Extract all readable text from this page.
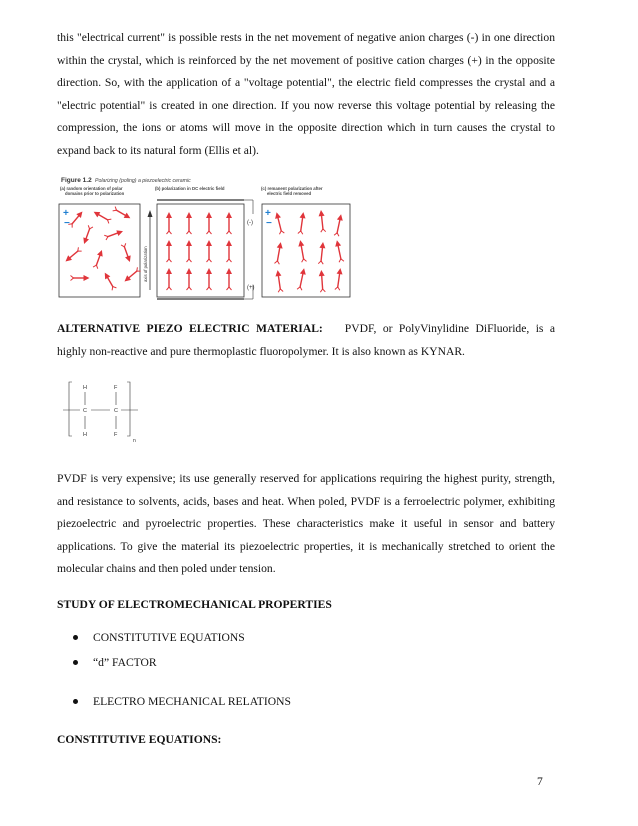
this "electrical current" is possible rests in the net movement of negative anion charges (-) in one direction within the crystal, which is reinforced by the net movement of positive cation charges (+) in the opposite direction. So, with the application of a "voltage potential", the electric field compresses the crystal and a "electric potential" is created in one direction. If you now reverse this voltage potential by releasing the compression, the ions or atoms will move in the opposite direction which in turn causes the crystal to expand back to its natural form (Ellis et al).
Figure 1.2 Polarizing (poling) a piezoelectric ceramic
(a) random orientation of polar domains prior to polarization
(b) polarization in DC electric field	(c) remanent polarization after electric field removed
(-)
(+)
axis of polarization
+
−
+
−
ALTERNATIVE PIEZO ELECTRIC MATERIAL: PVDF, or PolyVinylidine DiFluoride, is a highly non-reactive and pure thermoplastic fluoropolymer. It is also known as KYNAR.
H	F
C	C
H	F
n
PVDF is very expensive; its use generally reserved for applications requiring the highest purity, strength, and resistance to solvents, acids, bases and heat. When poled, PVDF is a ferroelectric polymer, exhibiting piezoelectric and pyroelectric properties. These characteristics make it useful in sensor and battery applications. To give the material its piezoelectric properties, it is mechanically stretched to orient the molecular chains and then poled under tension.
STUDY OF ELECTROMECHANICAL PROPERTIES
CONSTITUTIVE EQUATIONS
“d” FACTOR
ELECTRO MECHANICAL RELATIONS
CONSTITUTIVE EQUATIONS:
7
